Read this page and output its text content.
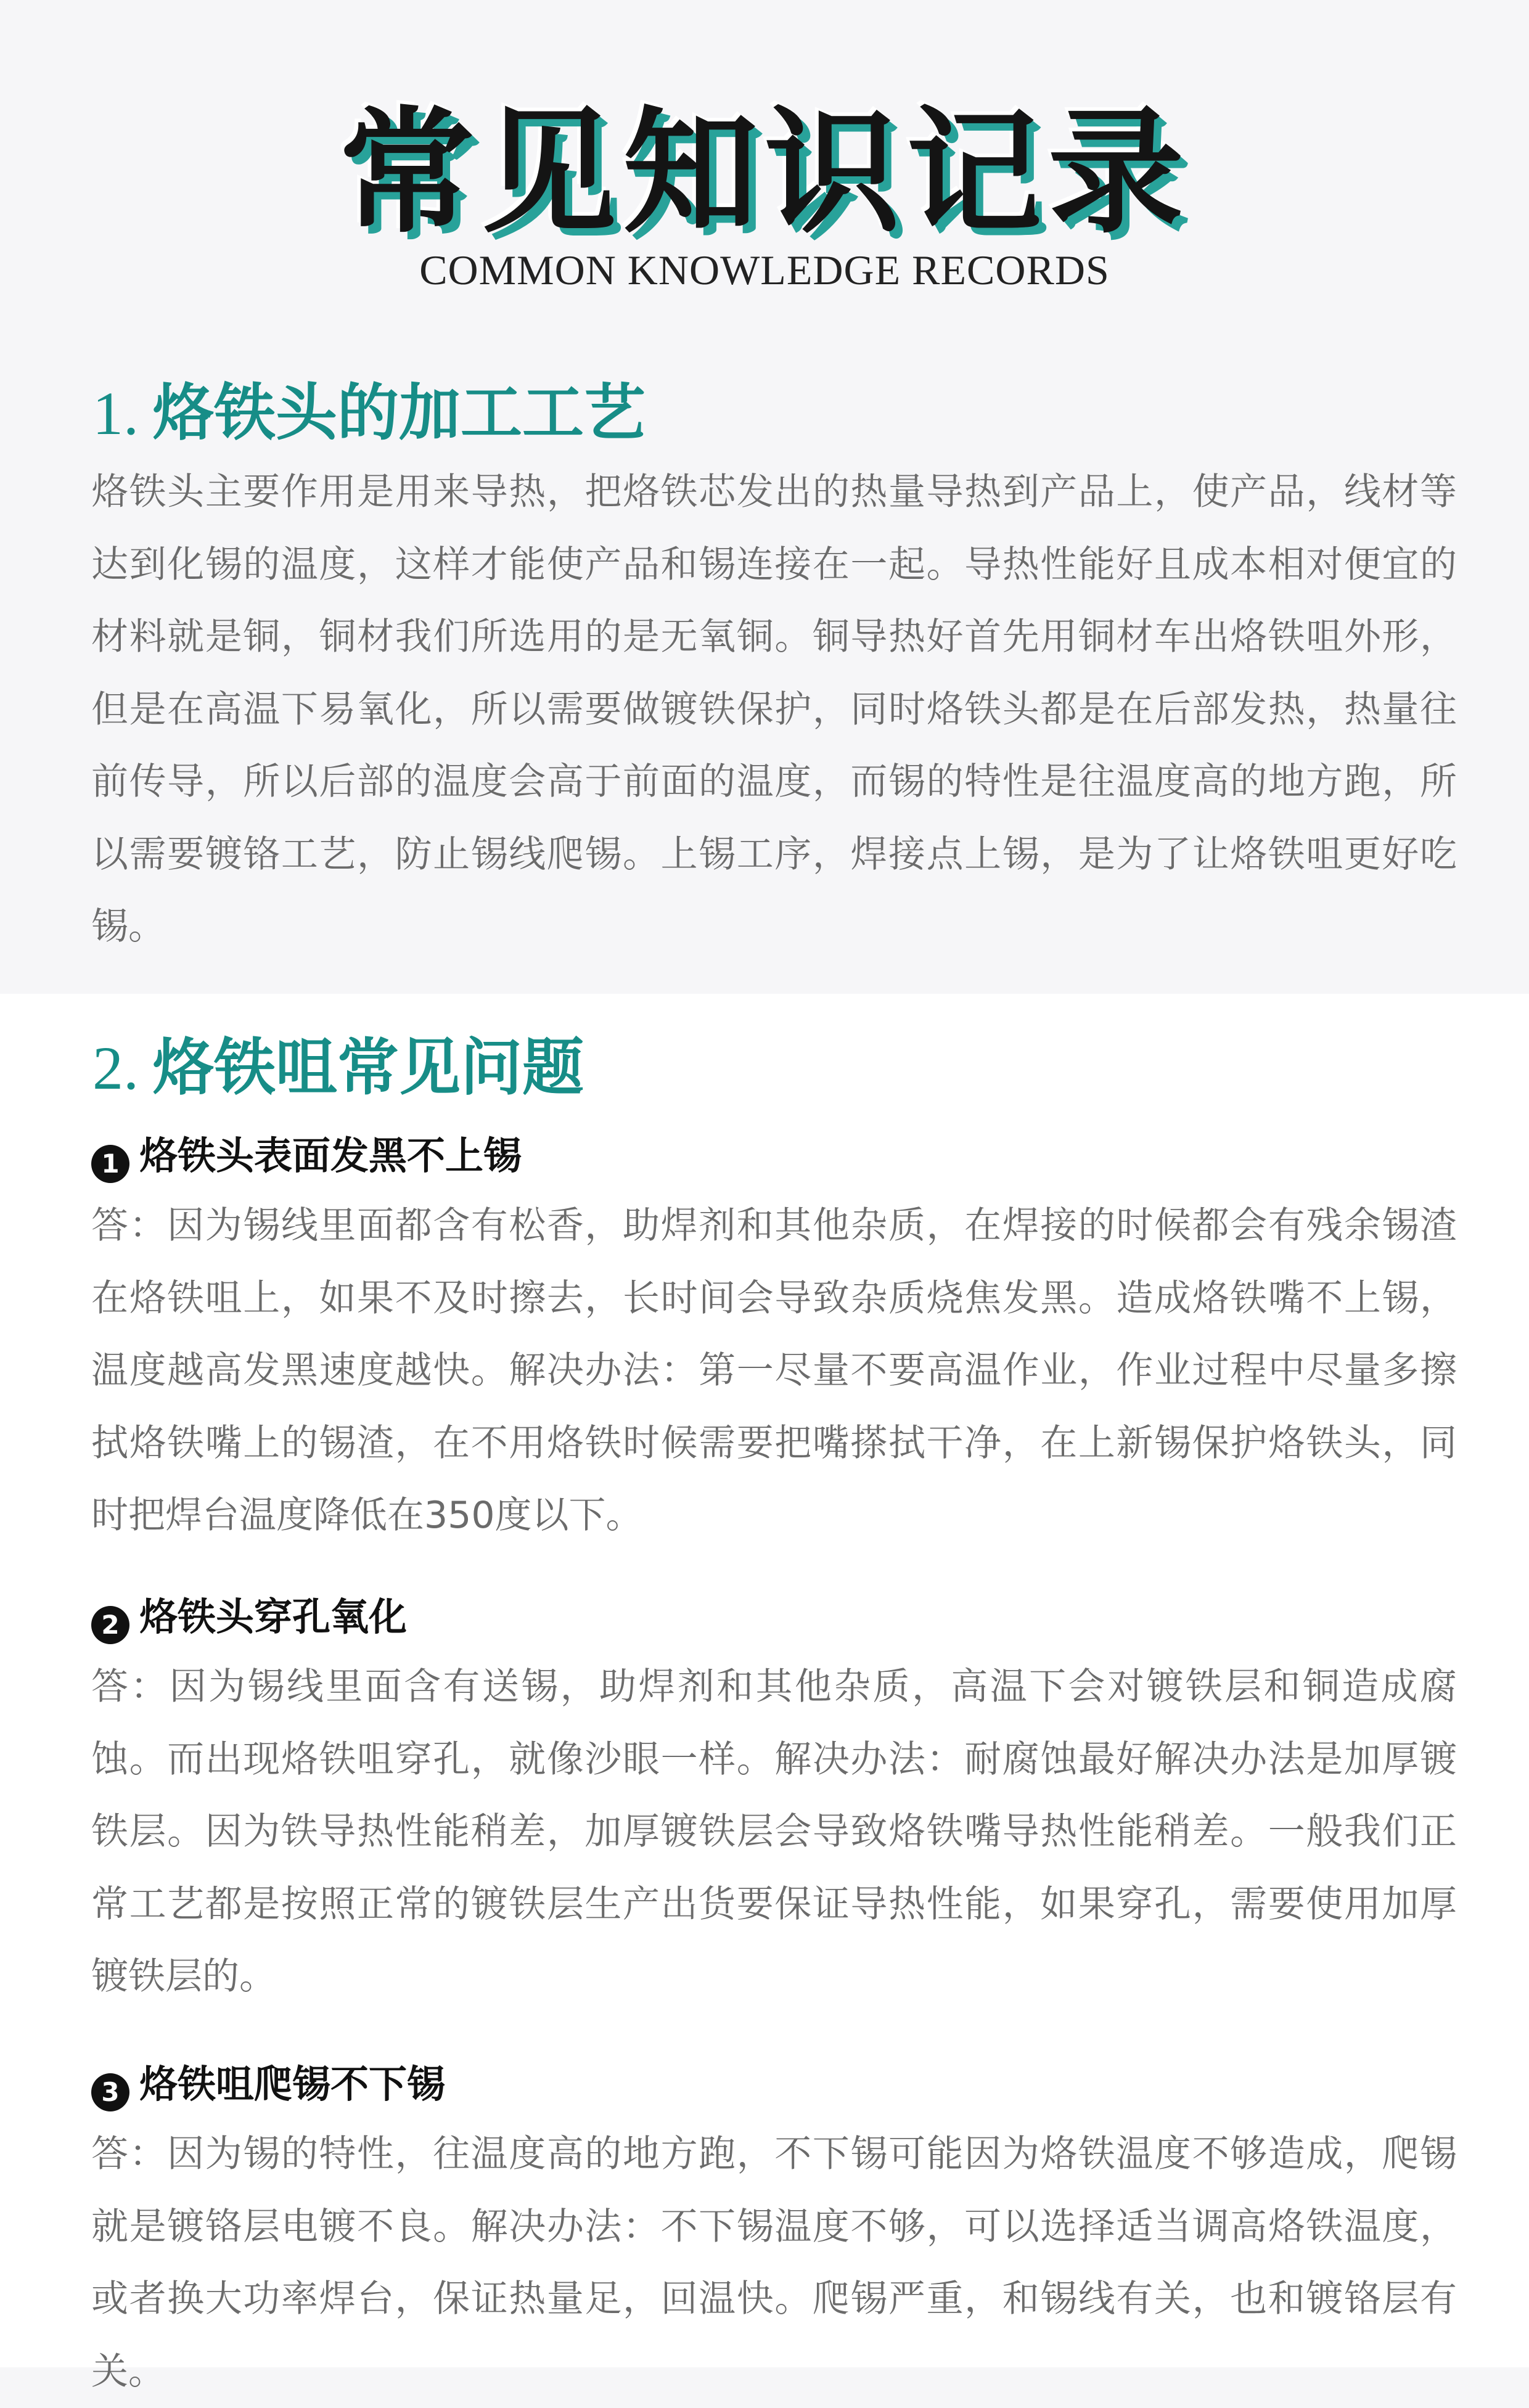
常见知识记录
COMMON KNOWLEDGE RECORDS
1. 烙铁头的加工工艺

烙铁头主要作用是用来导热，把烙铁芯发出的热量导热到产品上，使产品，线材等达到化锡的温度，这样才能使产品和锡连接在一起。导热性能好且成本相对便宜的材料就是铜，铜材我们所选用的是无氧铜。铜导热好首先用铜材车出烙铁咀外形，但是在高温下易氧化，所以需要做镀铁保护，同时烙铁头都是在后部发热，热量往前传导，所以后部的温度会高于前面的温度，而锡的特性是往温度高的地方跑，所以需要镀铬工艺，防止锡线爬锡。上锡工序，焊接点上锡，是为了让烙铁咀更好吃锡。

2. 烙铁咀常见问题
1 烙铁头表面发黑不上锡

答：因为锡线里面都含有松香，助焊剂和其他杂质，在焊接的时候都会有残余锡渣在烙铁咀上，如果不及时擦去，长时间会导致杂质烧焦发黑。造成烙铁嘴不上锡，温度越高发黑速度越快。解决办法：第一尽量不要高温作业，作业过程中尽量多擦拭烙铁嘴上的锡渣，在不用烙铁时候需要把嘴搽拭干净，在上新锡保护烙铁头，同时把焊台温度降低在350度以下。

2 烙铁头穿孔氧化

答：因为锡线里面含有送锡，助焊剂和其他杂质，高温下会对镀铁层和铜造成腐蚀。而出现烙铁咀穿孔，就像沙眼一样。解决办法：耐腐蚀最好解决办法是加厚镀铁层。因为铁导热性能稍差，加厚镀铁层会导致烙铁嘴导热性能稍差。一般我们正常工艺都是按照正常的镀铁层生产出货要保证导热性能，如果穿孔，需要使用加厚镀铁层的。

3 烙铁咀爬锡不下锡

答：因为锡的特性，往温度高的地方跑，不下锡可能因为烙铁温度不够造成，爬锡就是镀铬层电镀不良。解决办法：不下锡温度不够，可以选择适当调高烙铁温度，或者换大功率焊台，保证热量足，回温快。爬锡严重，和锡线有关，也和镀铬层有关。
